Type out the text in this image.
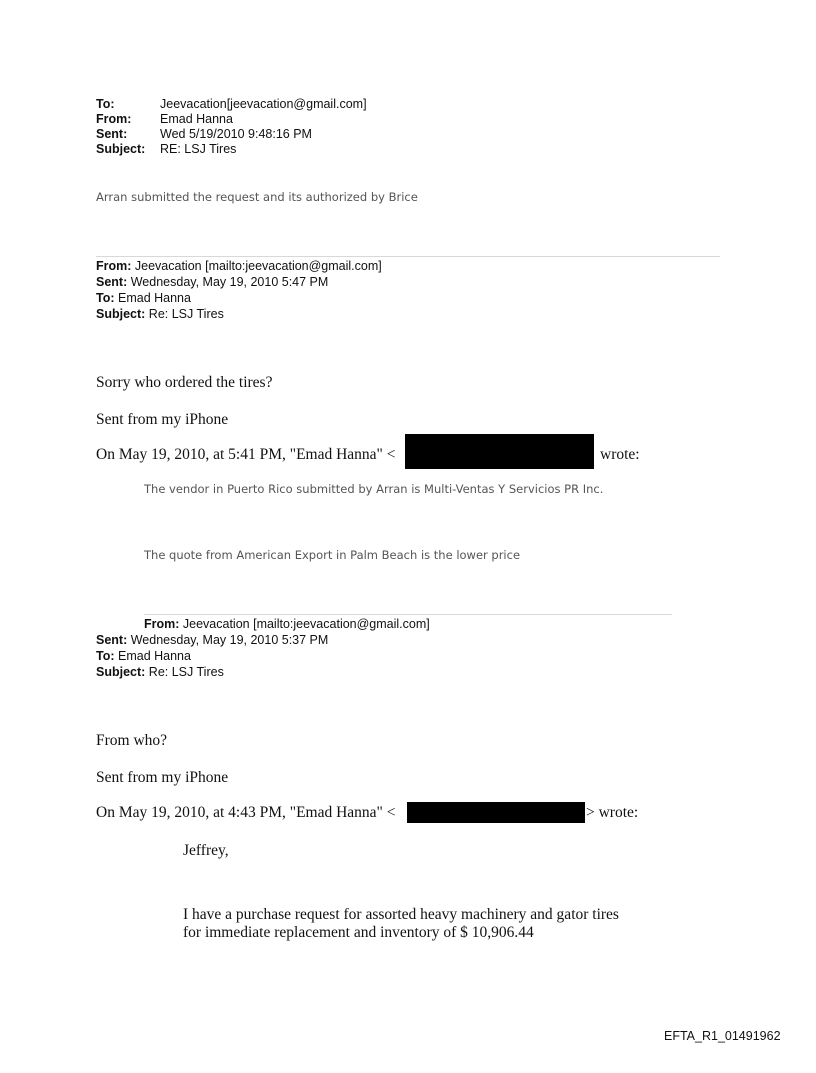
To:	Jeevacation[jeevacation@gmail.com]
From: Emad Hanna
Sent:	Wed 5/19/2010 9:48:16 PM
Subject: RE: LSJ Tires
Arran submitted the request and its authorized by Brice
From: Jeevacation [mailto:jeevacation@gmail.com]
Sent: Wednesday, May 19, 2010 5:47 PM
To: Emad Hanna
Subject: Re: LSJ Tires
Sorry who ordered the tires?
Sent from my iPhone
On May 19, 2010, at 5:41 PM, "Emad Hanna" <	wrote:
The vendor in Puerto Rico submitted by Arran is Multi-Ventas Y Servicios PR Inc.
The quote from American Export in Palm Beach is the lower price
From: Jeevacation [mailto:jeevacation@gmail.com]
Sent: Wednesday, May 19, 2010 5:37 PM
To: Emad Hanna
Subject: Re: LSJ Tires
From who?
Sent from my iPhone
On May 19, 2010, at 4:43 PM, "Emad Hanna" <	> wrote:
Jeffrey,
I have a purchase request for assorted heavy machinery and gator tires
for immediate replacement and inventory of $ 10,906.44
EFTA_R1_01491962
